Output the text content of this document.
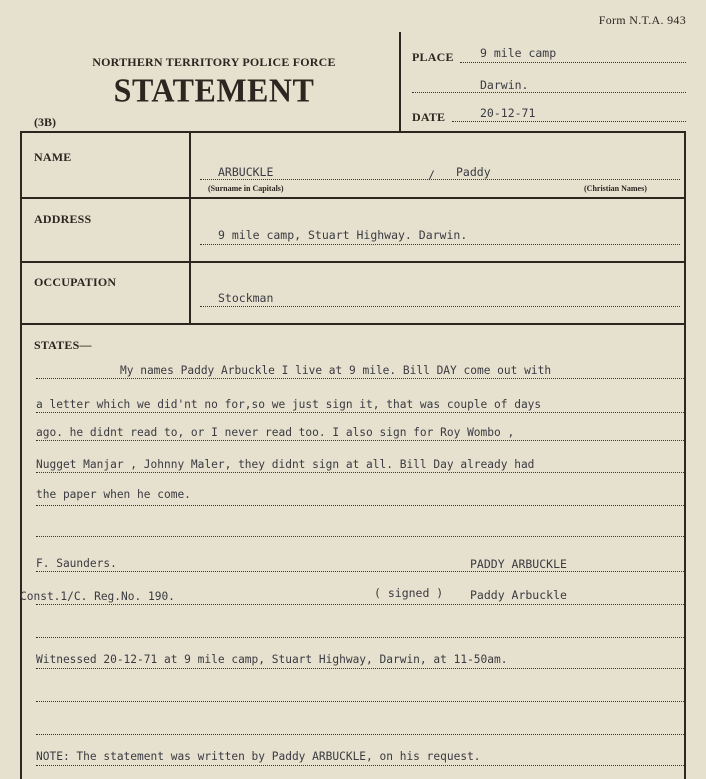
Form N.T.A. 943
NORTHERN TERRITORY POLICE FORCE
STATEMENT
(3B)
PLACE 9 mile camp
Darwin.
DATE	20-12-71
NAME
ARBUCKLE	/ Paddy
(Surname in Capitals)	(Christian Names)
ADDRESS
9 mile camp, Stuart Highway. Darwin.
OCCUPATION
Stockman
STATES—
My names Paddy Arbuckle I live at 9 mile. Bill DAY come out with
a letter which we did'nt no for,so we just sign it, that was couple of days
ago. he didnt read to, or I never read too. I also sign for Roy Wombo ,
Nugget Manjar , Johnny Maler, they didnt sign at all. Bill Day already had
the paper when he come.
F. Saunders.	PADDY ARBUCKLE
Const.1/C. Reg.No. 190.	( signed ) Paddy Arbuckle
Witnessed 20-12-71 at 9 mile camp, Stuart Highway, Darwin, at 11-50am.
NOTE: The statement was written by Paddy ARBUCKLE, on his request.
